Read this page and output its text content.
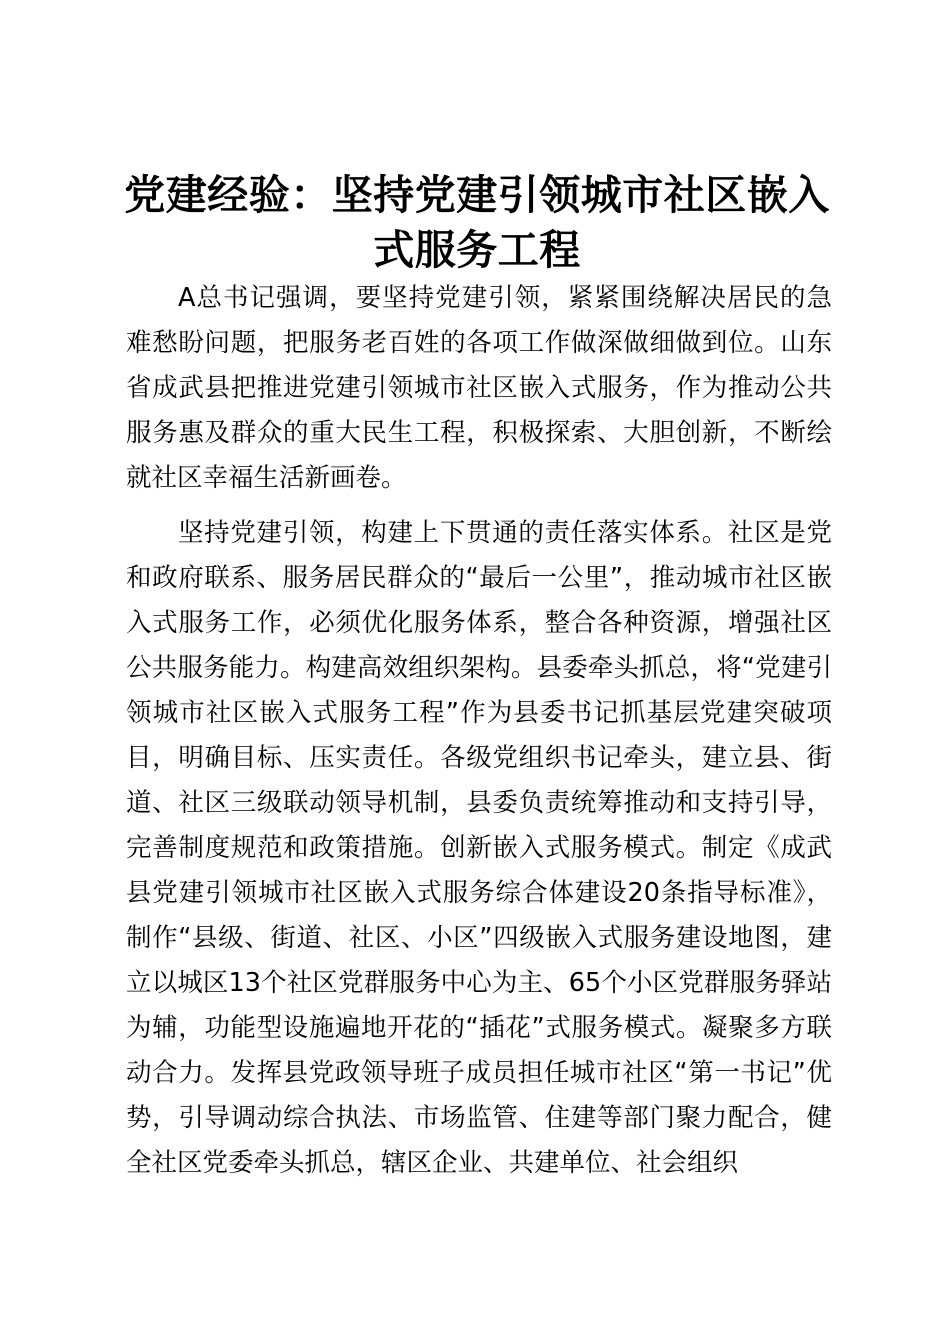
党建经验：坚持党建引领城市社区嵌入
式服务工程

A总书记强调，要坚持党建引领，紧紧围绕解决居民的急难愁盼问题，把服务老百姓的各项工作做深做细做到位。山东省成武县把推进党建引领城市社区嵌入式服务，作为推动公共服务惠及群众的重大民生工程，积极探索、大胆创新，不断绘就社区幸福生活新画卷。

坚持党建引领，构建上下贯通的责任落实体系。社区是党和政府联系、服务居民群众的“最后一公里”，推动城市社区嵌入式服务工作，必须优化服务体系，整合各种资源，增强社区公共服务能力。构建高效组织架构。县委牵头抓总，将“党建引领城市社区嵌入式服务工程”作为县委书记抓基层党建突破项目，明确目标、压实责任。各级党组织书记牵头，建立县、街道、社区三级联动领导机制，县委负责统筹推动和支持引导，完善制度规范和政策措施。创新嵌入式服务模式。制定《成武县党建引领城市社区嵌入式服务综合体建设20条指导标准》，制作“县级、街道、社区、小区”四级嵌入式服务建设地图，建立以城区13个社区党群服务中心为主、65个小区党群服务驿站为辅，功能型设施遍地开花的“插花”式服务模式。凝聚多方联动合力。发挥县党政领导班子成员担任城市社区“第一书记”优势，引导调动综合执法、市场监管、住建等部门聚力配合，健全社区党委牵头抓总，辖区企业、共建单位、社会组织
